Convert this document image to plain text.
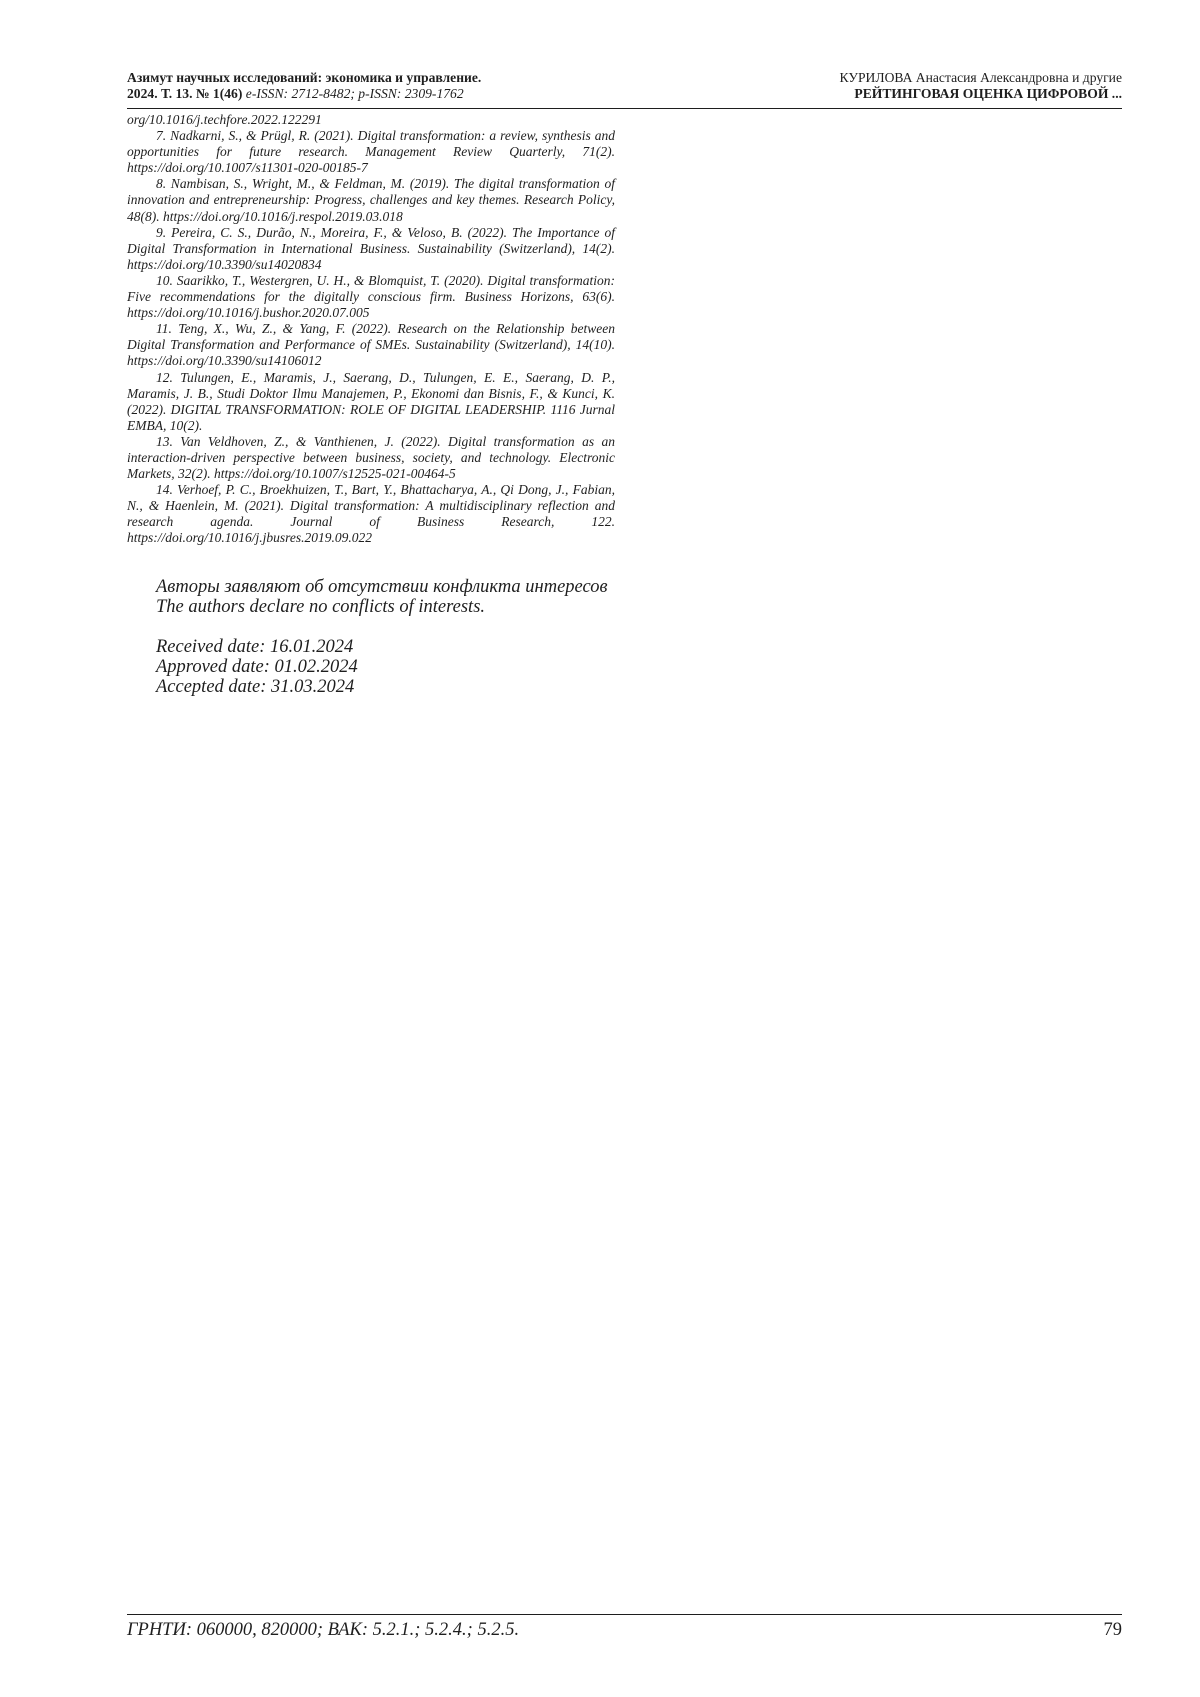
Азимут научных исследований: экономика и управление.
2024. Т. 13. № 1(46) e-ISSN: 2712-8482; p-ISSN: 2309-1762
КУРИЛОВА Анастасия Александровна и другие
РЕЙТИНГОВАЯ ОЦЕНКА ЦИФРОВОЙ ...

org/10.1016/j.techfore.2022.122291

7. Nadkarni, S., & Prügl, R. (2021). Digital transformation: a review, synthesis and opportunities for future research. Management Review Quarterly, 71(2). https://doi.org/10.1007/s11301-020-00185-7

8. Nambisan, S., Wright, M., & Feldman, M. (2019). The digital transformation of innovation and entrepreneurship: Progress, challenges and key themes. Research Policy, 48(8). https://doi.org/10.1016/j.respol.2019.03.018

9. Pereira, C. S., Durão, N., Moreira, F., & Veloso, B. (2022). The Importance of Digital Transformation in International Business. Sustainability (Switzerland), 14(2). https://doi.org/10.3390/su14020834

10. Saarikko, T., Westergren, U. H., & Blomquist, T. (2020). Digital transformation: Five recommendations for the digitally conscious firm. Business Horizons, 63(6). https://doi.org/10.1016/j.bushor.2020.07.005

11. Teng, X., Wu, Z., & Yang, F. (2022). Research on the Relationship between Digital Transformation and Performance of SMEs. Sustainability (Switzerland), 14(10). https://doi.org/10.3390/su14106012

12. Tulungen, E., Maramis, J., Saerang, D., Tulungen, E. E., Saerang, D. P., Maramis, J. B., Studi Doktor Ilmu Manajemen, P., Ekonomi dan Bisnis, F., & Kunci, K. (2022). DIGITAL TRANSFORMATION: ROLE OF DIGITAL LEADERSHIP. 1116 Jurnal EMBA, 10(2).

13. Van Veldhoven, Z., & Vanthienen, J. (2022). Digital transformation as an interaction-driven perspective between business, society, and technology. Electronic Markets, 32(2). https://doi.org/10.1007/s12525-021-00464-5

14. Verhoef, P. C., Broekhuizen, T., Bart, Y., Bhattacharya, A., Qi Dong, J., Fabian, N., & Haenlein, M. (2021). Digital transformation: A multidisciplinary reflection and research agenda. Journal of Business Research, 122. https://doi.org/10.1016/j.jbusres.2019.09.022

Авторы заявляют об отсутствии конфликта интересов

The authors declare no conflicts of interests.

Received date: 16.01.2024

Approved date: 01.02.2024

Accepted date: 31.03.2024

ГРНТИ: 060000, 820000; ВАК: 5.2.1.; 5.2.4.; 5.2.5.	79
